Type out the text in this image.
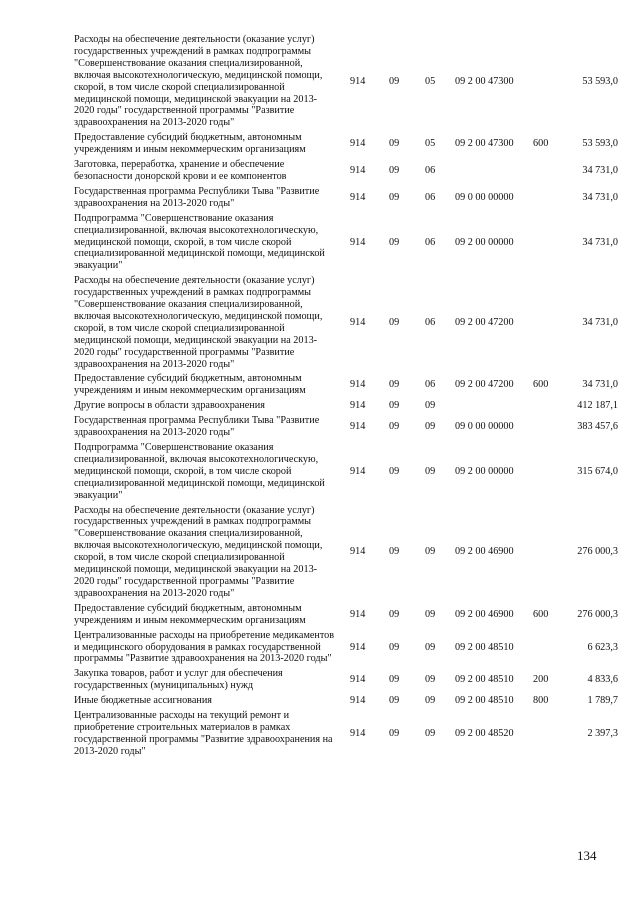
Расходы на обеспечение деятельности (оказание услуг) государственных учреждений в рамках подпрограммы "Совершенствование оказания специализированной, включая высокотехнологическую, медицинской помощи, скорой, в том числе скорой специализированной медицинской помощи, медицинской эвакуации на 2013-2020 годы" государственной программы "Развитие здравоохранения на 2013-2020 годы"	914	09	05	09 2 00 47300		53 593,0
Предоставление субсидий бюджетным, автономным учреждениям и иным некоммерческим организациям	914	09	05	09 2 00 47300	600	53 593,0
Заготовка, переработка, хранение и обеспечение безопасности донорской крови и ее компонентов	914	09	06			34 731,0
Государственная программа Республики Тыва "Развитие здравоохранения на 2013-2020 годы"	914	09	06	09 0 00 00000		34 731,0
Подпрограмма "Совершенствование оказания специализированной, включая высокотехнологическую, медицинской помощи, скорой, в том числе скорой специализированной медицинской помощи, медицинской эвакуации"	914	09	06	09 2 00 00000		34 731,0
Расходы на обеспечение деятельности (оказание услуг) государственных учреждений в рамках подпрограммы "Совершенствование оказания специализированной, включая высокотехнологическую, медицинской помощи, скорой, в том числе скорой специализированной медицинской помощи, медицинской эвакуации на 2013-2020 годы" государственной программы "Развитие здравоохранения на 2013-2020 годы"	914	09	06	09 2 00 47200		34 731,0
Предоставление субсидий бюджетным, автономным учреждениям и иным некоммерческим организациям	914	09	06	09 2 00 47200	600	34 731,0
Другие вопросы в области здравоохранения	914	09	09			412 187,1
Государственная программа Республики Тыва "Развитие здравоохранения на 2013-2020 годы"	914	09	09	09 0 00 00000		383 457,6
Подпрограмма "Совершенствование оказания специализированной, включая высокотехнологическую, медицинской помощи, скорой, в том числе скорой специализированной медицинской помощи, медицинской эвакуации"	914	09	09	09 2 00 00000		315 674,0
Расходы на обеспечение деятельности (оказание услуг) государственных учреждений в рамках подпрограммы "Совершенствование оказания специализированной, включая высокотехнологическую, медицинской помощи, скорой, в том числе скорой специализированной медицинской помощи, медицинской эвакуации на 2013-2020 годы" государственной программы "Развитие здравоохранения на 2013-2020 годы"	914	09	09	09 2 00 46900		276 000,3
Предоставление субсидий бюджетным, автономным учреждениям и иным некоммерческим организациям	914	09	09	09 2 00 46900	600	276 000,3
Централизованные расходы на приобретение медикаментов и медицинского оборудования в рамках государственной программы "Развитие здравоохранения на 2013-2020 годы"	914	09	09	09 2 00 48510		6 623,3
Закупка товаров, работ и услуг для обеспечения государственных (муниципальных) нужд	914	09	09	09 2 00 48510	200	4 833,6
Иные бюджетные ассигнования	914	09	09	09 2 00 48510	800	1 789,7
Централизованные расходы на текущий ремонт и приобретение строительных материалов в рамках государственной программы "Развитие здравоохранения на 2013-2020 годы"	914	09	09	09 2 00 48520		2 397,3
134
